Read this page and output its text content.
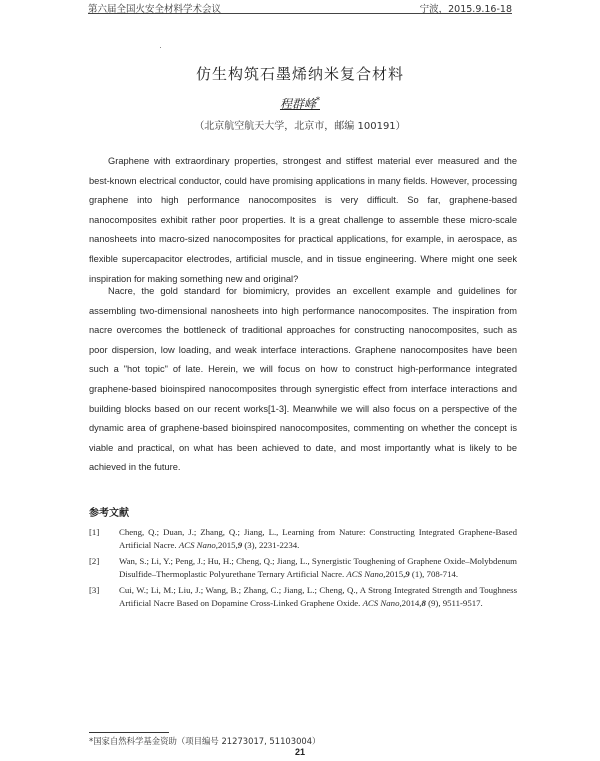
第六届全国火安全材料学术会议	宁波，2015.9.16-18
仿生构筑石墨烯纳米复合材料
程群峰*
（北京航空航天大学，北京市，邮编 100191）

Graphene with extraordinary properties, strongest and stiffest material ever measured and the best-known electrical conductor, could have promising applications in many fields. However, processing graphene into high performance nanocomposites is very difficult. So far, graphene-based nanocomposites exhibit rather poor properties. It is a great challenge to assemble these micro-scale nanosheets into macro-sized nanocomposites for practical applications, for example, in aerospace, as flexible supercapacitor electrodes, artificial muscle, and in tissue engineering. Where might one seek inspiration for making something new and original?

Nacre, the gold standard for biomimicry, provides an excellent example and guidelines for assembling two-dimensional nanosheets into high performance nanocomposites. The inspiration from nacre overcomes the bottleneck of traditional approaches for constructing nanocomposites, such as poor dispersion, low loading, and weak interface interactions. Graphene nanocomposites have been such a "hot topic" of late. Herein, we will focus on how to construct high-performance integrated graphene-based bioinspired nanocomposites through synergistic effect from interface interactions and building blocks based on our recent works[1-3]. Meanwhile we will also focus on a perspective of the dynamic area of graphene-based bioinspired nanocomposites, commenting on whether the concept is viable and practical, on what has been achieved to date, and most importantly what is likely to be achieved in the future.

参考文献
[1] Cheng, Q.; Duan, J.; Zhang, Q.; Jiang, L., Learning from Nature: Constructing Integrated Graphene-Based Artificial Nacre. ACS Nano,2015,9 (3), 2231-2234.
[2] Wan, S.; Li, Y.; Peng, J.; Hu, H.; Cheng, Q.; Jiang, L., Synergistic Toughening of Graphene Oxide–Molybdenum Disulfide–Thermoplastic Polyurethane Ternary Artificial Nacre. ACS Nano,2015,9 (1), 708-714.
[3] Cui, W.; Li, M.; Liu, J.; Wang, B.; Zhang, C.; Jiang, L.; Cheng, Q., A Strong Integrated Strength and Toughness Artificial Nacre Based on Dopamine Cross-Linked Graphene Oxide. ACS Nano,2014,8 (9), 9511-9517.
*国家自然科学基金资助（项目编号 21273017, 51103004）
21
